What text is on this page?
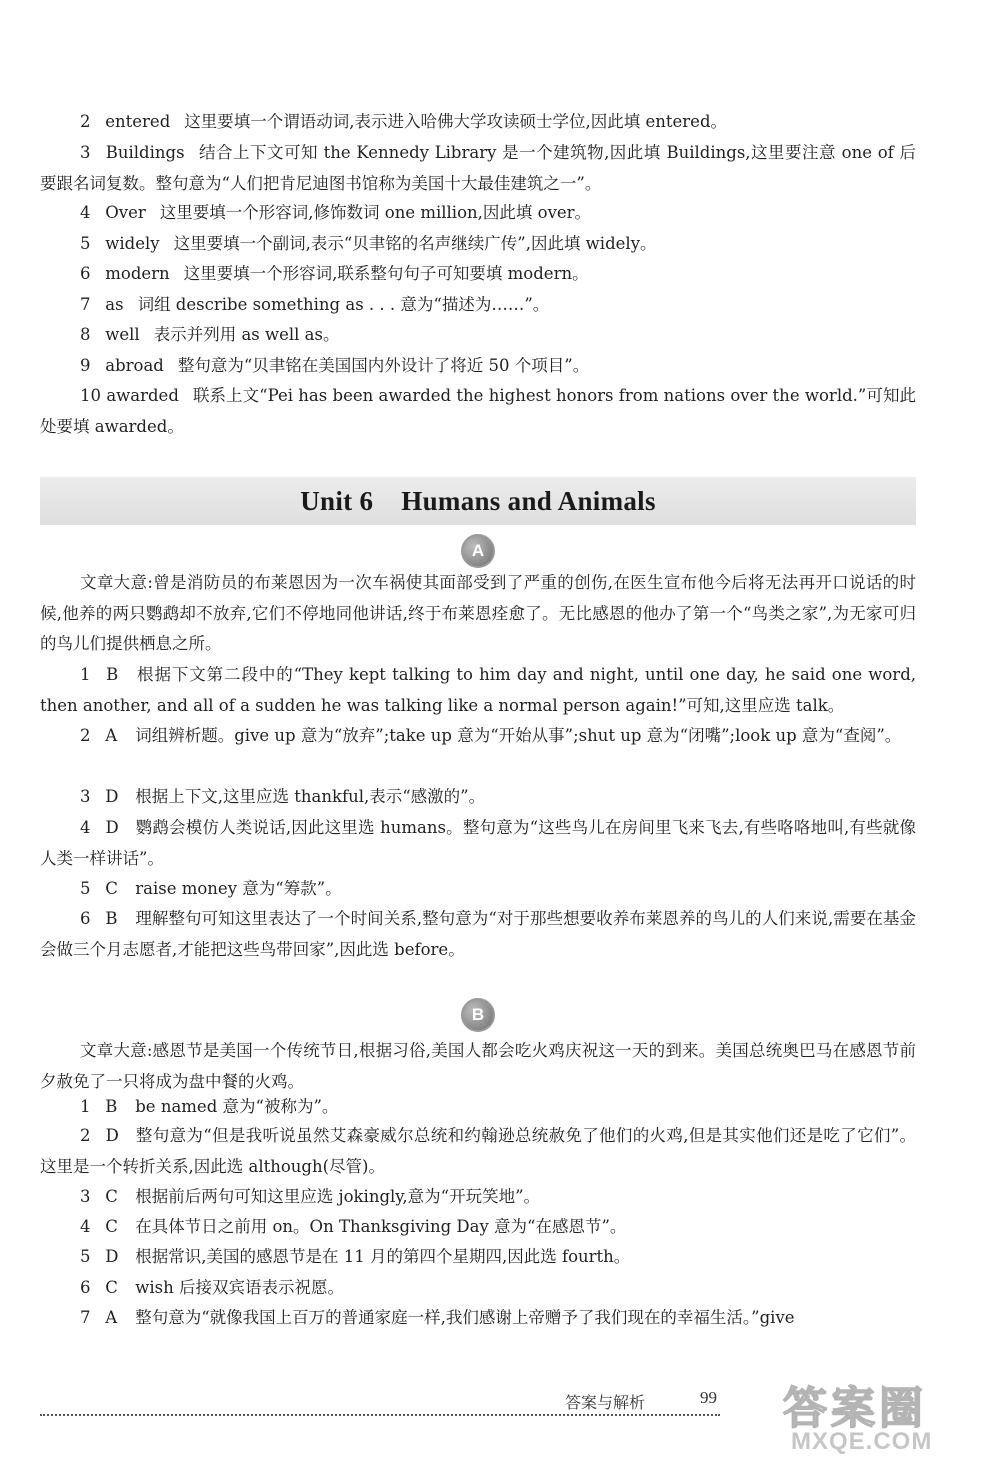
2 entered 这里要填一个谓语动词,表示进入哈佛大学攻读硕士学位,因此填 entered。

3 Buildings 结合上下文可知 the Kennedy Library 是一个建筑物,因此填 Buildings,这里要注意 one of 后要跟名词复数。整句意为“人们把肯尼迪图书馆称为美国十大最佳建筑之一”。

4 Over 这里要填一个形容词,修饰数词 one million,因此填 over。

5 widely 这里要填一个副词,表示“贝聿铭的名声继续广传”,因此填 widely。

6 modern 这里要填一个形容词,联系整句句子可知要填 modern。

7 as 词组 describe something as . . . 意为“描述为……”。

8 well 表示并列用 as well as。

9 abroad 整句意为“贝聿铭在美国国内外设计了将近 50 个项目”。

10 awarded 联系上文“Pei has been awarded the highest honors from nations over the world.”可知此处要填 awarded。

Unit 6 Humans and Animals
A

文章大意:曾是消防员的布莱恩因为一次车祸使其面部受到了严重的创伤,在医生宣布他今后将无法再开口说话的时候,他养的两只鹦鹉却不放弃,它们不停地同他讲话,终于布莱恩痊愈了。无比感恩的他办了第一个“鸟类之家”,为无家可归的鸟儿们提供栖息之所。

1 B 根据下文第二段中的“They kept talking to him day and night, until one day, he said one word, then another, and all of a sudden he was talking like a normal person again!”可知,这里应选 talk。

2 A 词组辨析题。give up 意为“放弃”;take up 意为“开始从事”;shut up 意为“闭嘴”;look up 意为“查阅”。

3 D 根据上下文,这里应选 thankful,表示“感激的”。

4 D 鹦鹉会模仿人类说话,因此这里选 humans。整句意为“这些鸟儿在房间里飞来飞去,有些咯咯地叫,有些就像人类一样讲话”。

5 C raise money 意为“筹款”。

6 B 理解整句可知这里表达了一个时间关系,整句意为“对于那些想要收养布莱恩养的鸟儿的人们来说,需要在基金会做三个月志愿者,才能把这些鸟带回家”,因此选 before。

B

文章大意:感恩节是美国一个传统节日,根据习俗,美国人都会吃火鸡庆祝这一天的到来。美国总统奥巴马在感恩节前夕赦免了一只将成为盘中餐的火鸡。

1 B be named 意为“被称为”。

2 D 整句意为“但是我听说虽然艾森豪威尔总统和约翰逊总统赦免了他们的火鸡,但是其实他们还是吃了它们”。这里是一个转折关系,因此选 although(尽管)。

3 C 根据前后两句可知这里应选 jokingly,意为“开玩笑地”。

4 C 在具体节日之前用 on。On Thanksgiving Day 意为“在感恩节”。

5 D 根据常识,美国的感恩节是在 11 月的第四个星期四,因此选 fourth。

6 C wish 后接双宾语表示祝愿。

7 A 整句意为“就像我国上百万的普通家庭一样,我们感谢上帝赠予了我们现在的幸福生活。”give

答案与解析	99 答案圈
MXQE.COM
